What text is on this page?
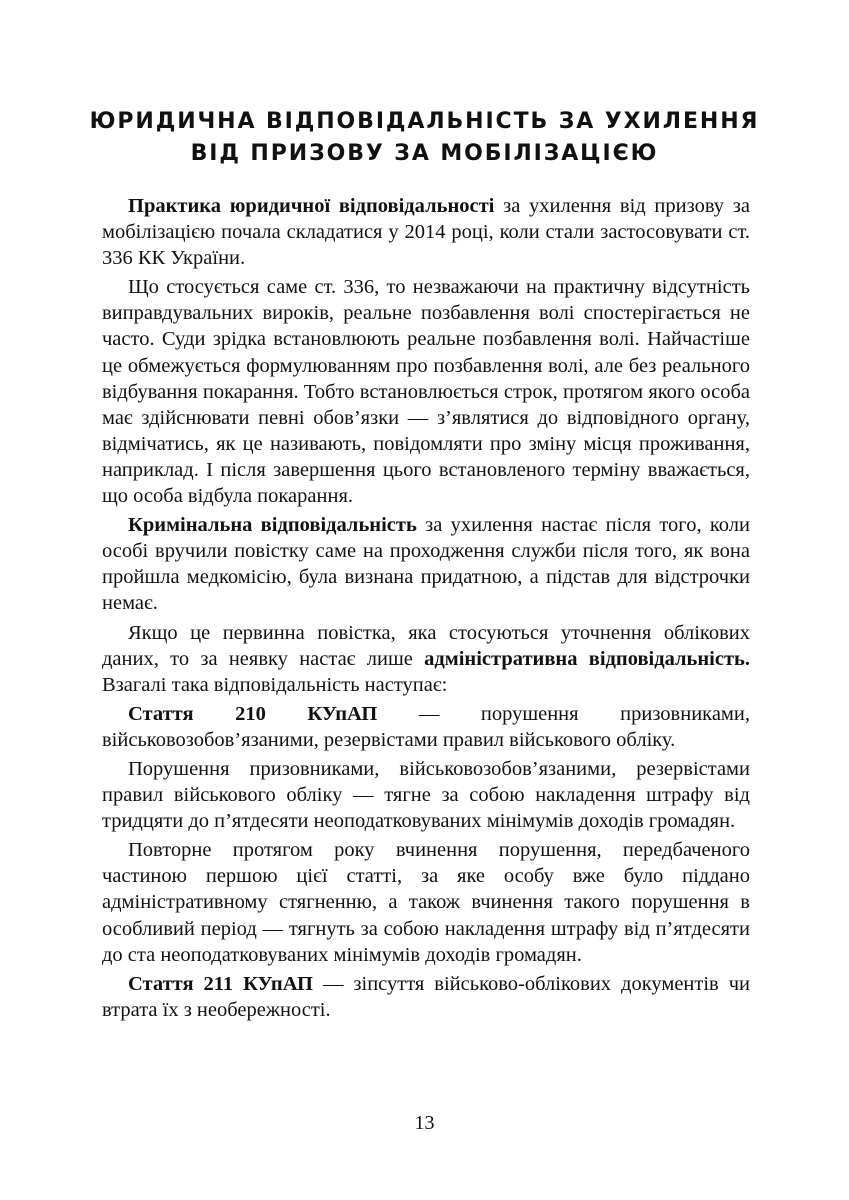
ЮРИДИЧНА ВІДПОВІДАЛЬНІСТЬ ЗА УХИЛЕННЯ
ВІД ПРИЗОВУ ЗА МОБІЛІЗАЦІЄЮ

Практика юридичної відповідальності за ухилення від призову за мобілізацією почала складатися у 2014 році, коли стали застосовувати ст. 336 КК України.

Що стосується саме ст. 336, то незважаючи на практичну відсутність виправдувальних вироків, реальне позбавлення волі спостерігається не часто. Суди зрідка встановлюють реальне позбавлення волі. Найчастіше це обмежується формулюванням про позбавлення волі, але без реального відбування покарання. Тобто встановлюється строк, протягом якого особа має здійснювати певні обов’язки — з’являтися до відповідного органу, відмічатись, як це називають, повідомляти про зміну місця проживання, наприклад. І після завершення цього встановленого терміну вважається, що особа відбула покарання.

Кримінальна відповідальність за ухилення настає після того, коли особі вручили повістку саме на проходження служби після того, як вона пройшла медкомісію, була визнана придатною, а підстав для відстрочки немає.

Якщо це первинна повістка, яка стосуються уточнення облікових даних, то за неявку настає лише адміністративна відповідальність. Взагалі така відповідальність наступає:

Стаття 210 КУпАП — порушення призовниками, військовозобов’язаними, резервістами правил військового обліку.

Порушення призовниками, військовозобов’язаними, резервістами правил військового обліку — тягне за собою накладення штрафу від тридцяти до п’ятдесяти неоподатковуваних мінімумів доходів громадян.

Повторне протягом року вчинення порушення, передбаченого частиною першою цієї статті, за яке особу вже було піддано адміністративному стягненню, а також вчинення такого порушення в особливий період — тягнуть за собою накладення штрафу від п’ятдесяти до ста неоподатковуваних мінімумів доходів громадян.

Стаття 211 КУпАП — зіпсуття військово-облікових документів чи втрата їх з необережності.

13
